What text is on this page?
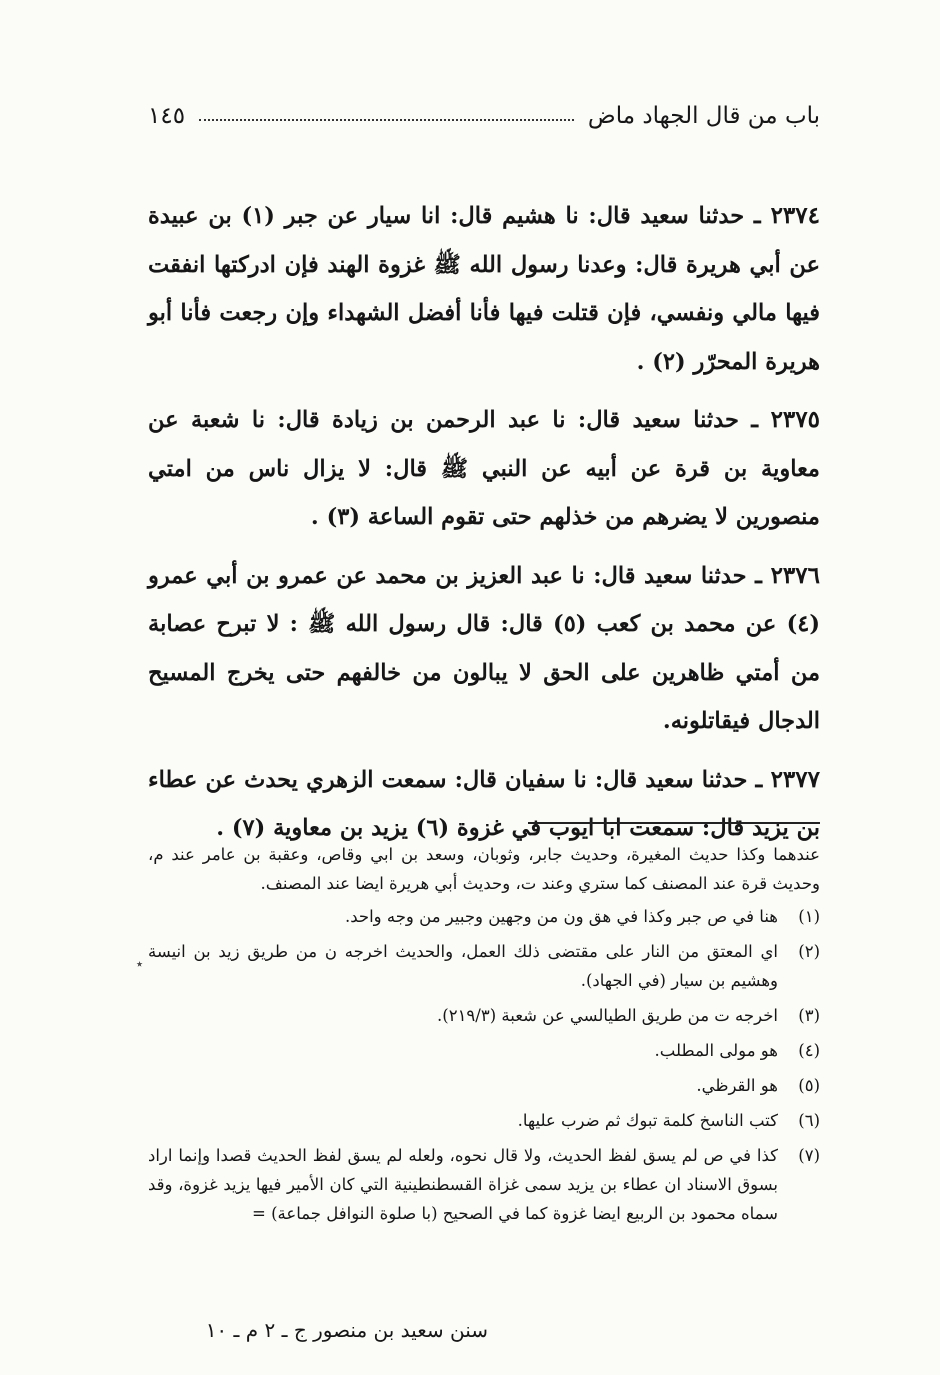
باب من قال الجهاد ماض
١٤٥

٢٣٧٤ ـ حدثنا سعيد قال: نا هشيم قال: انا سيار عن جبر (١) بن عبيدة عن أبي هريرة قال: وعدنا رسول الله ﷺ غزوة الهند فإن ادركتها انفقت فيها مالي ونفسي، فإن قتلت فيها فأنا أفضل الشهداء وإن رجعت فأنا أبو هريرة المحرّر (٢) .

٢٣٧٥ ـ حدثنا سعيد قال: نا عبد الرحمن بن زيادة قال: نا شعبة عن معاوية بن قرة عن أبيه عن النبي ﷺ قال: لا يزال ناس من امتي منصورين لا يضرهم من خذلهم حتى تقوم الساعة (٣) .

٢٣٧٦ ـ حدثنا سعيد قال: نا عبد العزيز بن محمد عن عمرو بن أبي عمرو (٤) عن محمد بن كعب (٥) قال: قال رسول الله ﷺ : لا تبرح عصابة من أمتي ظاهرين على الحق لا يبالون من خالفهم حتى يخرج المسيح الدجال فيقاتلونه.

٢٣٧٧ ـ حدثنا سعيد قال: نا سفيان قال: سمعت الزهري يحدث عن عطاء بن يزيد قال: سمعت ابا ايوب في غزوة (٦) يزيد بن معاوية (٧) .

٭

عندهما وكذا حديث المغيرة، وحديث جابر، وثوبان، وسعد بن ابي وقاص، وعقبة بن عامر عند م، وحديث قرة عند المصنف كما ستري وعند ت، وحديث أبي هريرة ايضا عند المصنف.

(١)
هنا في ص جبر وكذا في هق ون من وجهين وجبير من وجه واحد.
(٢)
اي المعتق من النار على مقتضى ذلك العمل، والحديث اخرجه ن من طريق زيد بن انيسة وهشيم بن سيار (في الجهاد).
(٣)
اخرجه ت من طريق الطيالسي عن شعبة (٢١٩/٣).
(٤)
هو مولى المطلب.
(٥)
هو القرظي.
(٦)
كتب الناسخ كلمة تبوك ثم ضرب عليها.
(٧)
كذا في ص لم يسق لفظ الحديث، ولا قال نحوه، ولعله لم يسق لفظ الحديث قصدا وإنما اراد بسوق الاسناد ان عطاء بن يزيد سمى غزاة القسطنطينية التي كان الأمير فيها يزيد غزوة، وقد سماه محمود بن الربيع ايضا غزوة كما في الصحيح (با صلوة النوافل جماعة) =
سنن سعيد بن منصور ج ـ ٢ م ـ ١٠
